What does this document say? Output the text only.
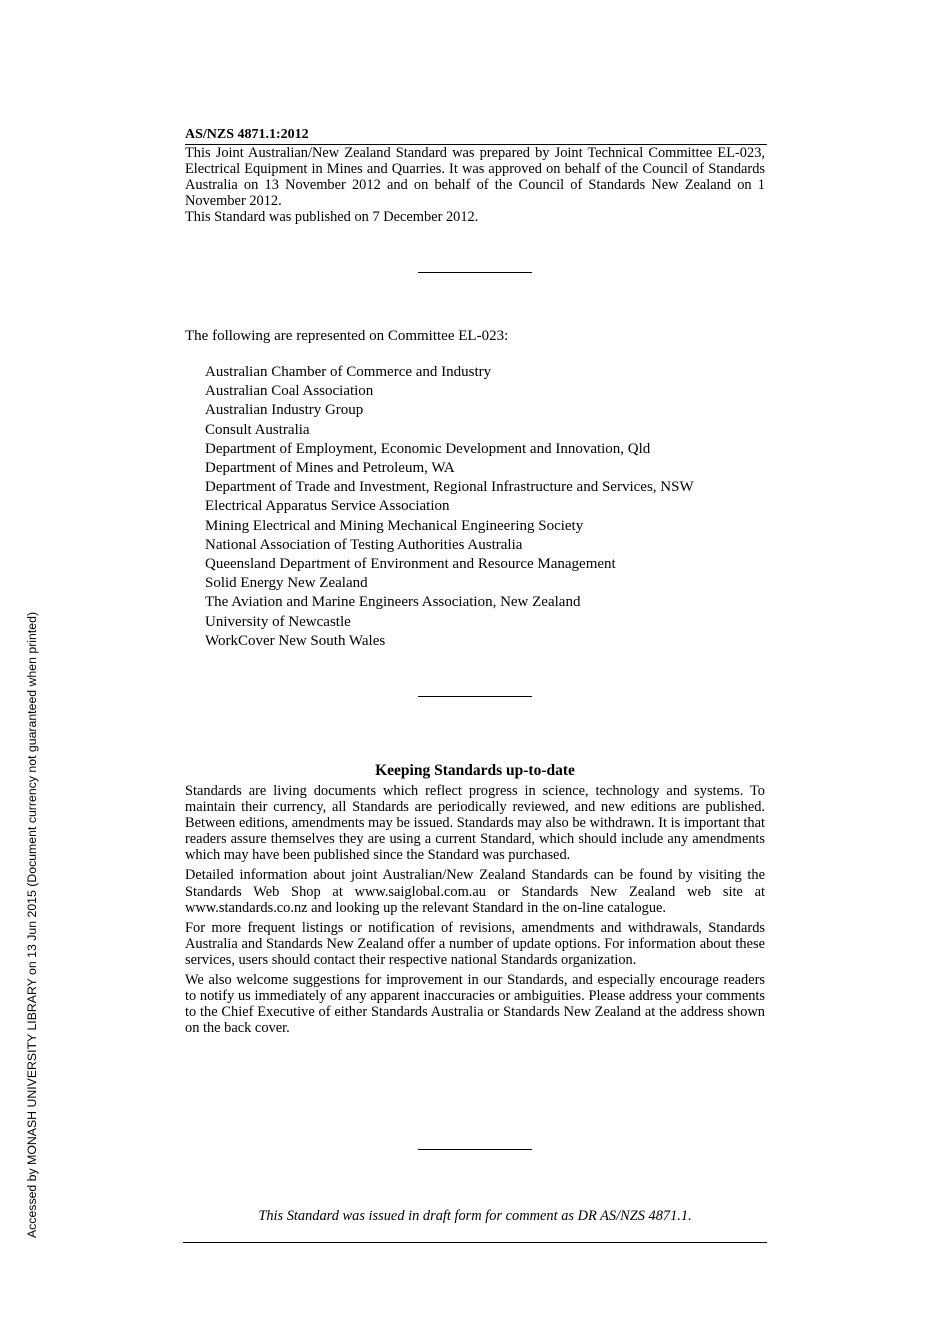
AS/NZS 4871.1:2012

This Joint Australian/New Zealand Standard was prepared by Joint Technical Committee EL-023, Electrical Equipment in Mines and Quarries. It was approved on behalf of the Council of Standards Australia on 13 November 2012 and on behalf of the Council of Standards New Zealand on 1 November 2012.

This Standard was published on 7 December 2012.

The following are represented on Committee EL-023:
Australian Chamber of Commerce and Industry
Australian Coal Association
Australian Industry Group
Consult Australia
Department of Employment, Economic Development and Innovation, Qld
Department of Mines and Petroleum, WA
Department of Trade and Investment, Regional Infrastructure and Services, NSW
Electrical Apparatus Service Association
Mining Electrical and Mining Mechanical Engineering Society
National Association of Testing Authorities Australia
Queensland Department of Environment and Resource Management
Solid Energy New Zealand
The Aviation and Marine Engineers Association, New Zealand
University of Newcastle
WorkCover New South Wales
Keeping Standards up-to-date

Standards are living documents which reflect progress in science, technology and systems. To maintain their currency, all Standards are periodically reviewed, and new editions are published. Between editions, amendments may be issued. Standards may also be withdrawn. It is important that readers assure themselves they are using a current Standard, which should include any amendments which may have been published since the Standard was purchased.

Detailed information about joint Australian/New Zealand Standards can be found by visiting the Standards Web Shop at www.saiglobal.com.au or Standards New Zealand web site at www.standards.co.nz and looking up the relevant Standard in the on-line catalogue.

For more frequent listings or notification of revisions, amendments and withdrawals, Standards Australia and Standards New Zealand offer a number of update options. For information about these services, users should contact their respective national Standards organization.

We also welcome suggestions for improvement in our Standards, and especially encourage readers to notify us immediately of any apparent inaccuracies or ambiguities. Please address your comments to the Chief Executive of either Standards Australia or Standards New Zealand at the address shown on the back cover.

This Standard was issued in draft form for comment as DR AS/NZS 4871.1.
Accessed by MONASH UNIVERSITY LIBRARY on 13 Jun 2015 (Document currency not guaranteed when printed)
